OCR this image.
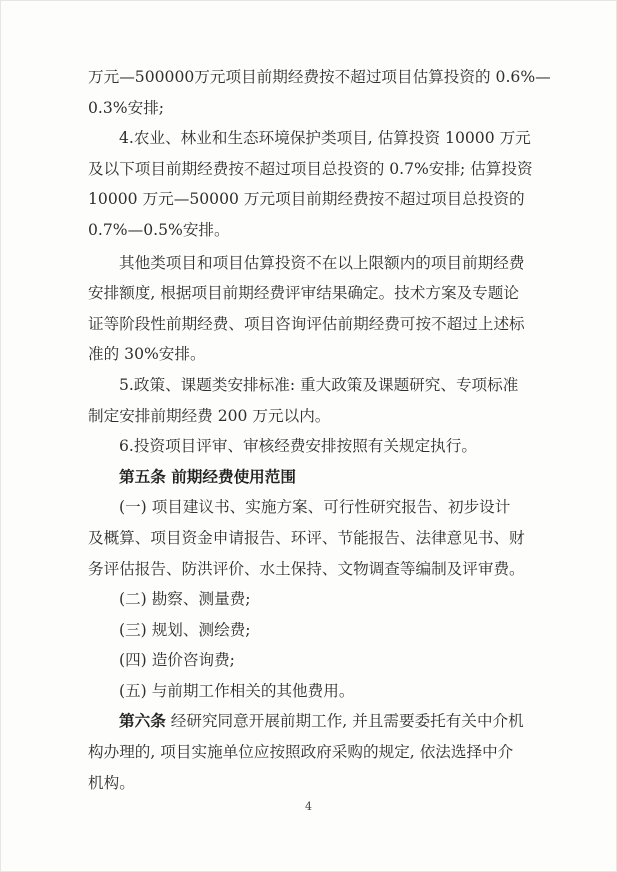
万元—500000万元项目前期经费按不超过项目估算投资的 0.6%—
0.3%安排;
4.农业、林业和生态环境保护类项目, 估算投资 10000 万元
及以下项目前期经费按不超过项目总投资的 0.7%安排; 估算投资
10000 万元—50000 万元项目前期经费按不超过项目总投资的
0.7%—0.5%安排。
其他类项目和项目估算投资不在以上限额内的项目前期经费
安排额度, 根据项目前期经费评审结果确定。技术方案及专题论
证等阶段性前期经费、项目咨询评估前期经费可按不超过上述标
准的 30%安排。
5.政策、课题类安排标准: 重大政策及课题研究、专项标准
制定安排前期经费 200 万元以内。
6.投资项目评审、审核经费安排按照有关规定执行。
第五条 前期经费使用范围
(一) 项目建议书、实施方案、可行性研究报告、初步设计
及概算、项目资金申请报告、环评、节能报告、法律意见书、财
务评估报告、防洪评价、水土保持、文物调查等编制及评审费。
(二) 勘察、测量费;
(三) 规划、测绘费;
(四) 造价咨询费;
(五) 与前期工作相关的其他费用。
第六条 经研究同意开展前期工作, 并且需要委托有关中介机
构办理的, 项目实施单位应按照政府采购的规定, 依法选择中介
机构。
4
